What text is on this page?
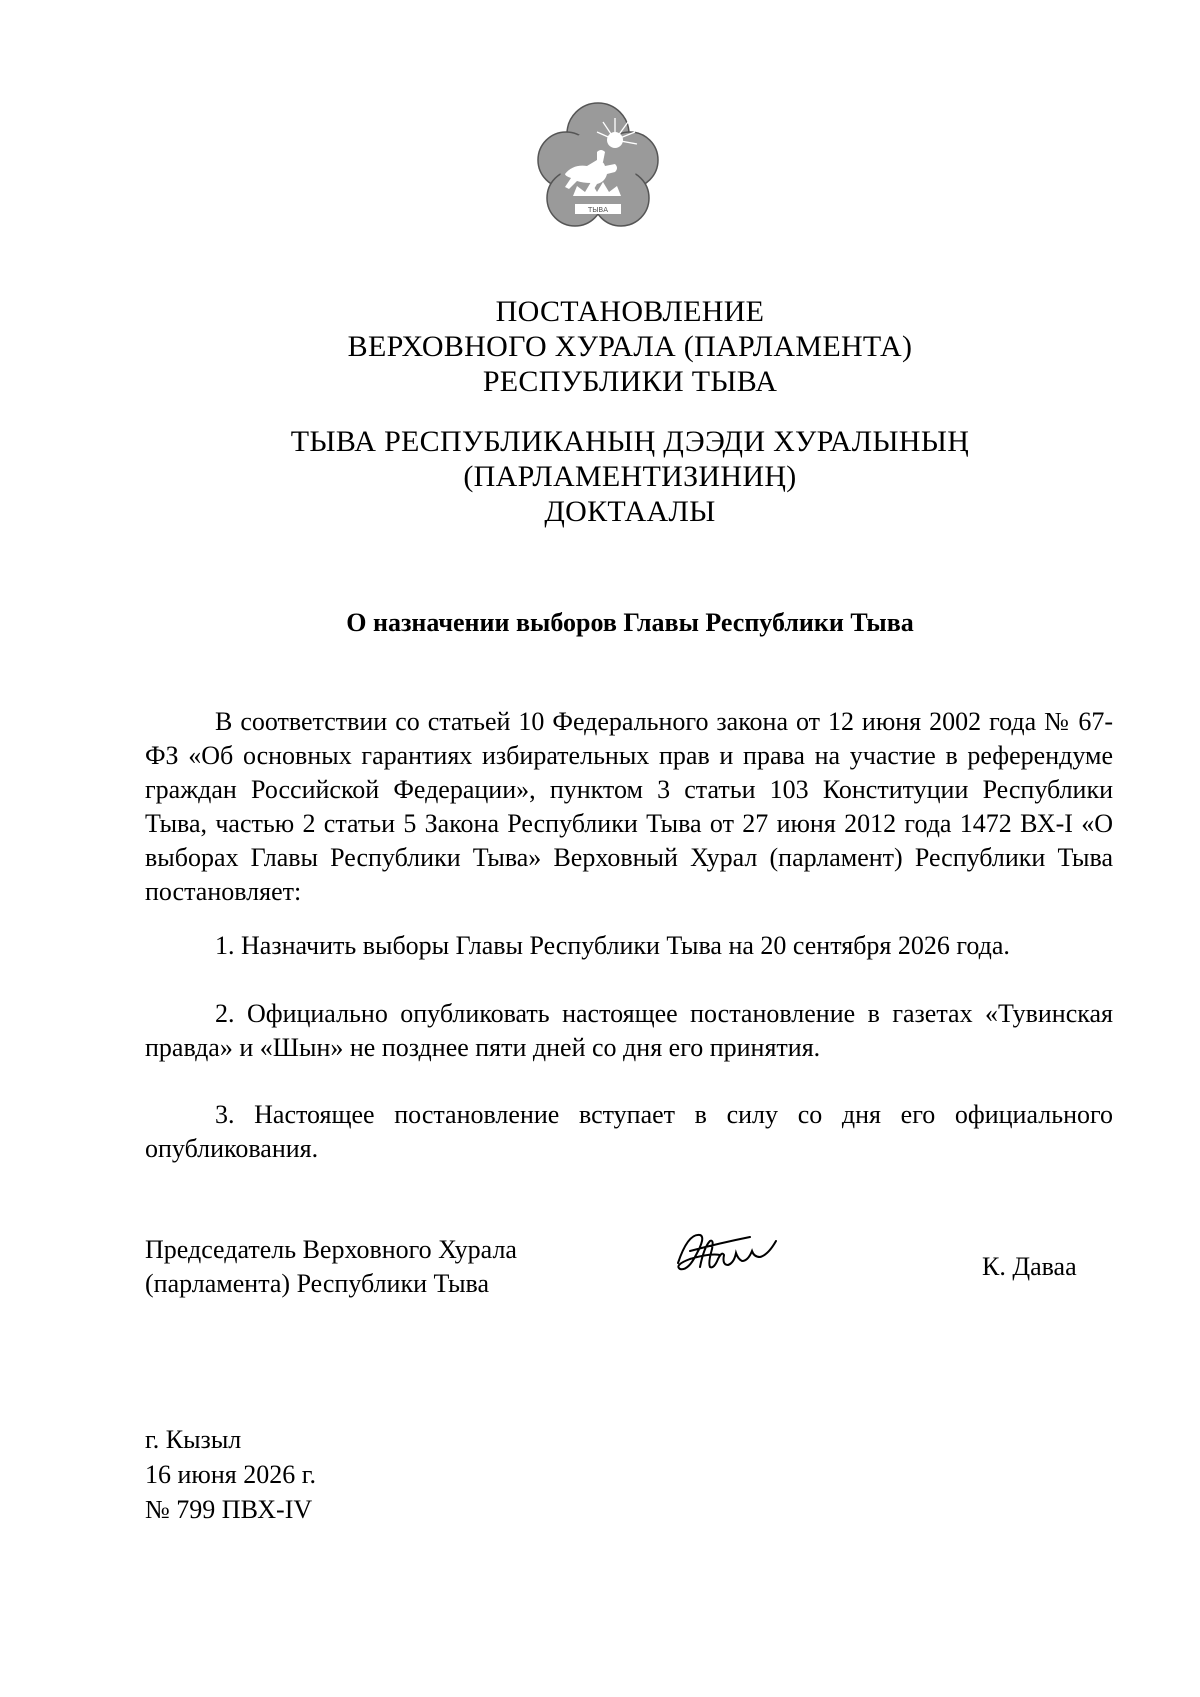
ТЫВА
ПОСТАНОВЛЕНИЕ
ВЕРХОВНОГО ХУРАЛА (ПАРЛАМЕНТА)
РЕСПУБЛИКИ ТЫВА
ТЫВА РЕСПУБЛИКАНЫҢ ДЭЭДИ ХУРАЛЫНЫҢ
(ПАРЛАМЕНТИЗИНИҢ)
ДОКТААЛЫ
О назначении выборов Главы Республики Тыва

В соответствии со статьей 10 Федерального закона от 12 июня 2002 года № 67-ФЗ «Об основных гарантиях избирательных прав и права на участие в референдуме граждан Российской Федерации», пунктом 3 статьи 103 Конституции Республики Тыва, частью 2 статьи 5 Закона Республики Тыва от 27 июня 2012 года 1472 ВХ-I «О выборах Главы Республики Тыва» Верховный Хурал (парламент) Республики Тыва постановляет:

1. Назначить выборы Главы Республики Тыва на 20 сентября 2026 года.

2. Официально опубликовать настоящее постановление в газетах «Тувинская правда» и «Шын» не позднее пяти дней со дня его принятия.

3. Настоящее постановление вступает в силу со дня его официального опубликования.

Председатель Верховного Хурала
(парламента) Республики Тыва
К. Даваа
г. Кызыл
16 июня 2026 г.
№ 799 ПВХ-IV
